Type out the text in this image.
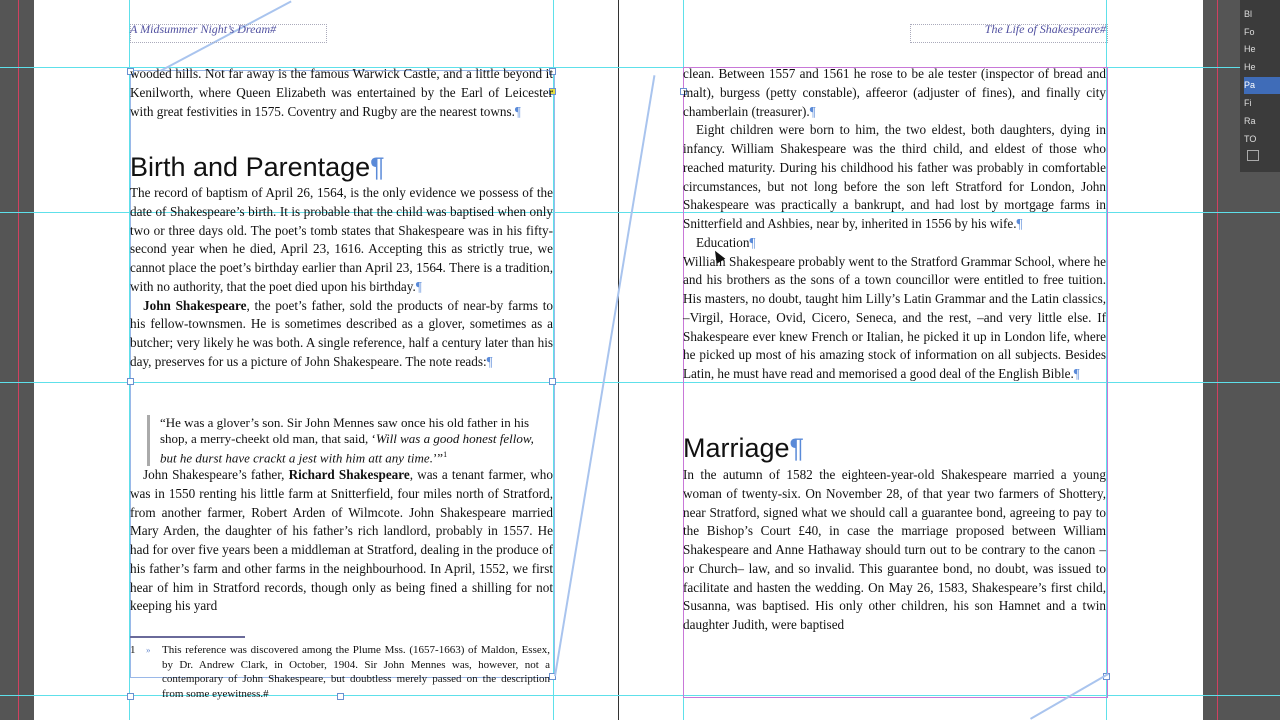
A Midsummer Night’s Dream#	The Life of Shakespeare#

wooded hills. Not far away is the famous Warwick Castle, and a little beyond it Kenilworth, where Queen Elizabeth was entertained by the Earl of Leicester with great festivities in 1575. Coventry and Rugby are the nearest towns.¶

Birth and Parentage¶

The record of baptism of April 26, 1564, is the only evidence we possess of the date of Shakespeare’s birth. It is probable that the child was baptised when only two or three days old. The poet’s tomb states that Shakespeare was in his fifty-second year when he died, April 23, 1616. Accepting this as strictly true, we cannot place the poet’s birthday earlier than April 23, 1564. There is a tradition, with no authority, that the poet died upon his birthday.¶

John Shakespeare, the poet’s father, sold the products of near-by farms to his fellow-townsmen. He is sometimes described as a glover, sometimes as a butcher; very likely he was both. A single reference, half a century later than his day, preserves for us a picture of John Shakespeare. The note reads:¶

“He was a glover’s son. Sir John Mennes saw once his old father in his shop, a merry-cheekt old man, that said, ‘Will was a good honest fellow, but he durst have crackt a jest with him att any time.’”$^1$

John Shakespeare’s father, Richard Shakespeare, was a tenant farmer, who was in 1550 renting his little farm at Snitterfield, four miles north of Stratford, from another farmer, Robert Arden of Wilmcote. John Shakespeare married Mary Arden, the daughter of his father’s rich landlord, probably in 1557. He had for over five years been a middleman at Stratford, dealing in the produce of his father’s farm and other farms in the neighbourhood. In April, 1552, we first hear of him in Stratford records, though only as being fined a shilling for not keeping his yard

1 » This reference was discovered among the Plume Mss. (1657-1663) of Maldon, Essex, by Dr. Andrew Clark, in October, 1904. Sir John Mennes was, however, not a contemporary of John Shakespeare, but doubtless merely passed on the description from some eyewitness.#

clean. Between 1557 and 1561 he rose to be ale tester (inspector of bread and malt), burgess (petty constable), affeeror (adjuster of fines), and finally city chamberlain (treasurer).¶

Eight children were born to him, the two eldest, both daughters, dying in infancy. William Shakespeare was the third child, and eldest of those who reached maturity. During his childhood his father was probably in comfortable circumstances, but not long before the son left Stratford for London, John Shakespeare was practically a bankrupt, and had lost by mortgage farms in Snitterfield and Ashbies, near by, inherited in 1556 by his wife.¶

Education¶

William Shakespeare probably went to the Stratford Grammar School, where he and his brothers as the sons of a town councillor were entitled to free tuition. His masters, no doubt, taught him Lilly’s Latin Grammar and the Latin classics, –Virgil, Horace, Ovid, Cicero, Seneca, and the rest, –and very little else. If Shakespeare ever knew French or Italian, he picked it up in London life, where he picked up most of his amazing stock of information on all subjects. Besides Latin, he must have read and memorised a good deal of the English Bible.¶

Marriage¶

In the autumn of 1582 the eighteen-year-old Shakespeare married a young woman of twenty-six. On November 28, of that year two farmers of Shottery, near Stratford, signed what we should call a guarantee bond, agreeing to pay to the Bishop’s Court £40, in case the marriage proposed between William Shakespeare and Anne Hathaway should turn out to be contrary to the canon –or Church– law, and so invalid. This guarantee bond, no doubt, was issued to facilitate and hasten the wedding. On May 26, 1583, Shakespeare’s first child, Susanna, was baptised. His only other children, his son Hamnet and a twin daughter Judith, were baptised

Bl
Fo
He
He
Pa
Fi
Ra
TO
